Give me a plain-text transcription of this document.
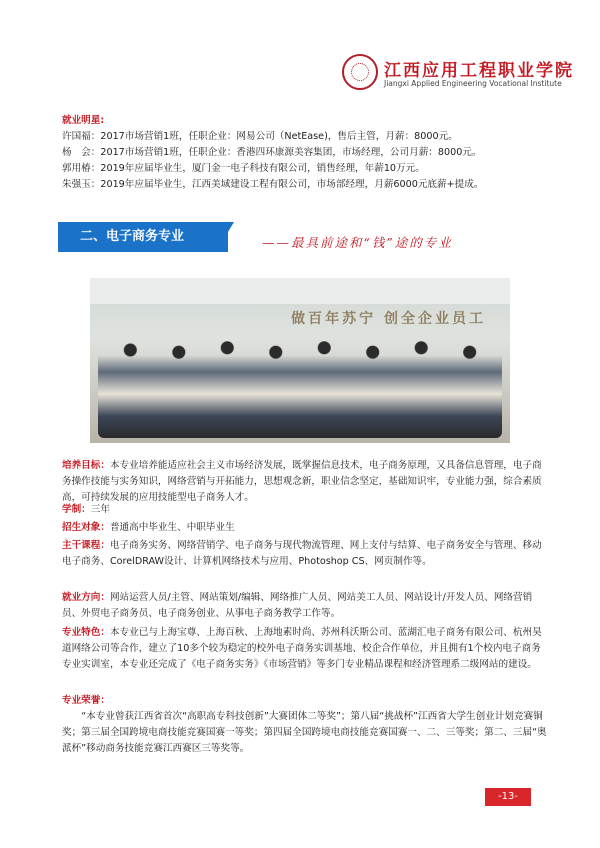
江西应用工程职业学院
Jiangxi Applied Engineering Vocational Institute
就业明星:
许国福：2017市场营销1班，任职企业：网易公司（NetEase)，售后主管，月薪：8000元。
杨　会：2017市场营销1班，任职企业：香港四环康源美容集团，市场经理，公司月薪：8000元。
郭用椿：2019年应届毕业生，厦门金一电子科技有限公司，销售经理，年薪10万元。
朱强玉：2019年应届毕业生，江西美域建设工程有限公司，市场部经理，月薪6000元底薪+提成。
二、电子商务专业	——最具前途和“钱”途的专业
做百年苏宁 创全企业员工
培养目标：本专业培养能适应社会主义市场经济发展，既掌握信息技术，电子商务原理，又具备信息管理，电子商务操作技能与实务知识，网络营销与开拓能力，思想观念新，职业信念坚定，基础知识牢，专业能力强，综合素质高，可持续发展的应用技能型电子商务人才。
学制：三年
招生对象：普通高中毕业生、中职毕业生
主干课程：电子商务实务、网络营销学、电子商务与现代物流管理、网上支付与结算、电子商务安全与管理、移动电子商务、CorelDRAW设计、计算机网络技术与应用、Photoshop CS、网页制作等。
就业方向：网站运营人员/主管、网站策划/编辑、网络推广人员、网站美工人员、网站设计/开发人员、网络营销员、外贸电子商务员、电子商务创业、从事电子商务教学工作等。
专业特色：本专业已与上海宝尊、上海百秋、上海地素时尚、苏州科沃斯公司、蓝湖汇电子商务有限公司、杭州昊道网络公司等合作，建立了10多个较为稳定的校外电子商务实训基地、校企合作单位，并且拥有1个校内电子商务专业实训室，本专业还完成了《电子商务实务》《市场营销》等多门专业精品课程和经济管理系二级网站的建设。
专业荣誉：
“本专业曾获江西省首次“高职高专科技创新”大赛团体二等奖”；第八届“挑战杯”江西省大学生创业计划竞赛铜奖；第三届全国跨境电商技能竞赛国赛一等奖；第四届全国跨境电商技能竞赛国赛一、二、三等奖；第二、三届“奥派杯”移动商务技能竞赛江西赛区三等奖等。
-13-
